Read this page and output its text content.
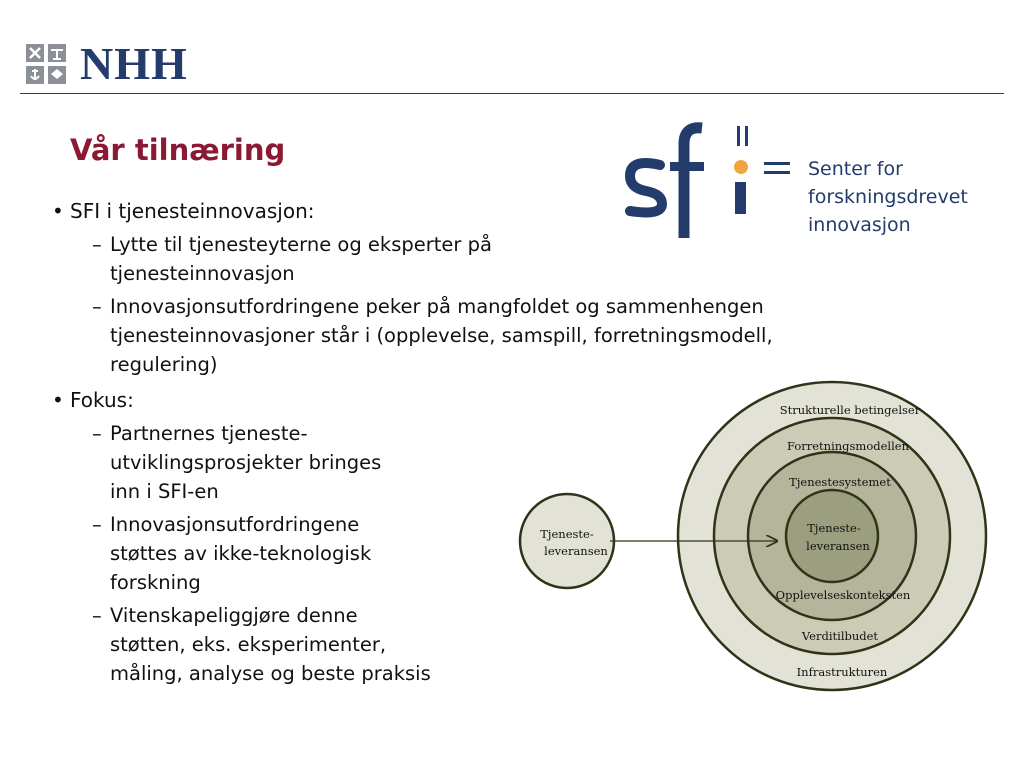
NHH
Vår tilnæring
Senter for
forskningsdrevet
innovasjon
• SFI i tjenesteinnovasjon:
– Lytte til tjenesteyterne og eksperter på
tjenesteinnovasjon
– Innovasjonsutfordringene peker på mangfoldet og sammenhengen
tjenesteinnovasjoner står i (opplevelse, samspill, forretningsmodell,
regulering)
• Fokus:
– Partnernes tjeneste-
utviklingsprosjekter bringes
inn i SFI-en
– Innovasjonsutfordringene
støttes av ikke-teknologisk
forskning
– Vitenskapeliggjøre denne
støtten, eks. eksperimenter,
måling, analyse og beste praksis
Tjeneste-
leveransen
Strukturelle betingelser
Forretningsmodellen
Tjenestesystemet
Tjeneste-
leveransen
Opplevelseskonteksten
Verditilbudet
Infrastrukturen
